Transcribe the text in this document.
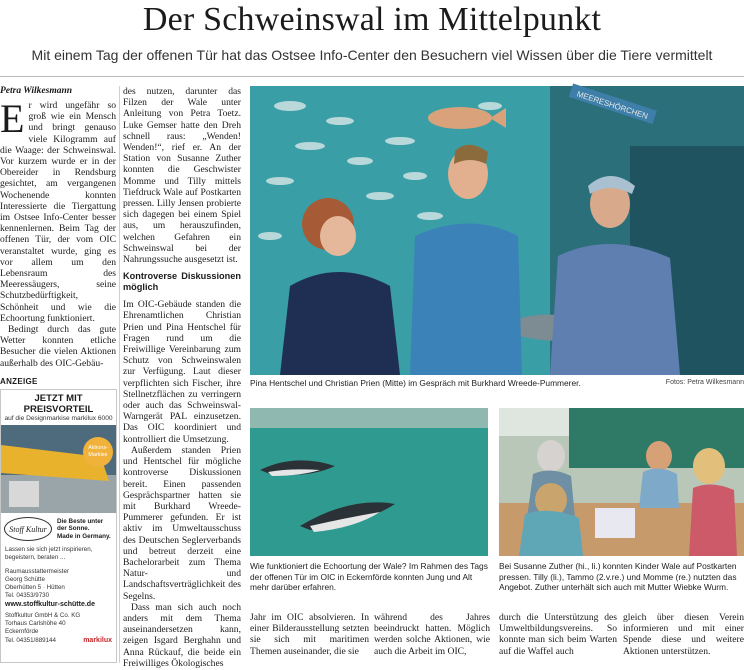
Der Schweinswal im Mittelpunkt
Mit einem Tag der offenen Tür hat das Ostsee Info-Center den Besuchern viel Wissen über die Tiere vermittelt
Petra Wilkesmann
E r wird ungefähr so groß wie ein Mensch und bringt genauso viele Kilogramm auf die Waage: der Schweinswal. Vor kurzem wurde er in der Obereider in Rendsburg gesichtet, am vergangenen Wochenende konnten Interessierte die Tiergattung im Ostsee Info-Center besser kennenlernen. Beim Tag der offenen Tür, der vom OIC veranstaltet wurde, ging es vor allem um den Lebensraum des Meeressäugers, seine Schutzbedürftigkeit, Schönheit und wie die Echoortung funktioniert.

Bedingt durch das gute Wetter konnten etliche Besucher die vielen Aktionen außerhalb des OIC-Gebäu-

des nutzen, darunter das Filzen der Wale unter Anleitung von Petra Toetz. Luke Gemser hatte den Dreh schnell raus: „Wenden! Wenden!“, rief er. An der Station von Susanne Zuther konnten die Geschwister Momme und Tilly mittels Tiefdruck Wale auf Postkarten pressen. Lilly Jensen probierte sich dagegen bei einem Spiel aus, um herauszufinden, welchen Gefahren ein Schweinswal bei der Nahrungssuche ausgesetzt ist.

Kontroverse Diskussionen möglich

Im OIC-Gebäude standen die Ehrenamtlichen Christian Prien und Pina Hentschel für Fragen rund um die Freiwillige Vereinbarung zum Schutz von Schweinswalen zur Verfügung. Laut dieser verpflichten sich Fischer, ihre Stellnetzflächen zu verringern oder auch das Schweinswal-Warngerät PAL einzusetzen. Das OIC koordiniert und kontrolliert die Umsetzung.

Außerdem standen Prien und Hentschel für mögliche kontroverse Diskussionen bereit. Einen passenden Gesprächspartner hatten sie mit Burkhard Wreede-Pummerer gefunden. Er ist aktiv im Umweltausschuss des Deutschen Seglerverbands und betreut derzeit eine Bachelorarbeit zum Thema Natur- und Landschaftsverträglichkeit des Segelns.

Dass man sich auch noch anders mit dem Thema auseinandersetzen kann, zeigen Isgard Berghahn und Anna Rückauf, die beide ein Freiwilliges Ökologisches

MEERESHÖRCHEN
Pina Hentschel und Christian Prien (Mitte) im Gespräch mit Burkhard Wreede-Pummerer.	Fotos: Petra Wilkesmann
ANZEIGE
JETZT MIT PREISVORTEIL
auf die Designmarkise markilux 6000
Aktions-
Markise
Stoff Kultur
Die Beste unter
der Sonne.
Made in Germany.
Lassen sie sich jetzt inspirieren,
begeistern, beraten ...
Raumausstattermeister
Georg Schütte
Oberhütten 5 · Hütten
Tel. 04353/9730
www.stoffkultur-schütte.de
Stoffkultur GmbH & Co. KG
Torhaus Carlshöhe 40
Eckernförde
Tel. 04351/889144	markilux
Wie funktioniert die Echoortung der Wale? Im Rahmen des Tags der offenen Tür im OIC in Eckernförde konnten Jung und Alt mehr darüber erfahren.
Bei Susanne Zuther (hi., li.) konnten Kinder Wale auf Postkarten pressen. Tilly (li.), Tammo (2.v.re.) und Momme (re.) nutzten das Angebot. Zuther unterhält sich auch mit Mutter Wiebke Wurm.

Jahr im OIC absolvieren. In einer Bilderausstellung setzten sie sich mit maritimen Themen auseinander, die sie

während des Jahres beeindruckt hatten. Möglich werden solche Aktionen, wie auch die Arbeit im OIC,

durch die Unterstützung des Umweltbildungsvereins. So konnte man sich beim Warten auf die Waffel auch

gleich über diesen Verein informieren und mit einer Spende diese und weitere Aktionen unterstützen.
